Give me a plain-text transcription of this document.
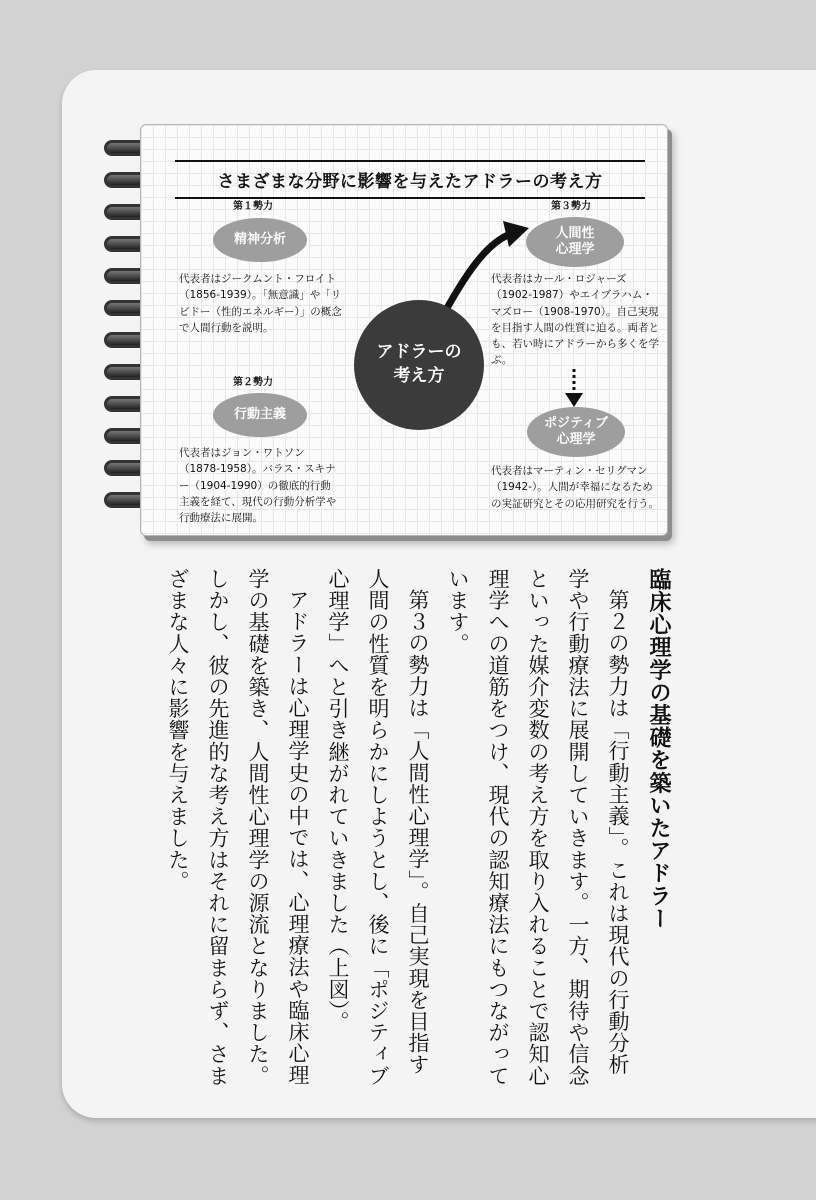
さまざまな分野に影響を与えたアドラーの考え方
第１勢力
精神分析
代表者はジークムント・フロイト（1856-1939）。「無意識」や「リビドー（性的エネルギー）」の概念で人間行動を説明。
第２勢力
行動主義
代表者はジョン・ワトソン（1878-1958）。バラス・スキナー（1904-1990）の徹底的行動主義を経て、現代の行動分析学や行動療法に展開。
第３勢力
人間性
心理学
代表者はカール・ロジャーズ（1902-1987）やエイブラハム・マズロー（1908-1970）。自己実現を目指す人間の性質に迫る。両者とも、若い時にアドラーから多くを学ぶ。
ポジティブ
心理学
代表者はマーティン・セリグマン（1942-）。人間が幸福になるための実証研究とその応用研究を行う。
アドラーの
考え方
臨床心理学の基礎を築いたアドラー
第２の勢力は「行動主義」。これは現代の行動分析学や行動療法に展開していきます。一方、期待や信念といった媒介変数の考え方を取り入れることで認知心理学への道筋をつけ、現代の認知療法にもつながっています。
第３の勢力は「人間性心理学」。自己実現を目指す人間の性質を明らかにしようとし、後に「ポジティブ心理学」へと引き継がれていきました（上図）。
アドラーは心理学史の中では、心理療法や臨床心理学の基礎を築き、人間性心理学の源流となりました。しかし、彼の先進的な考え方はそれに留まらず、さまざまな人々に影響を与えました。
